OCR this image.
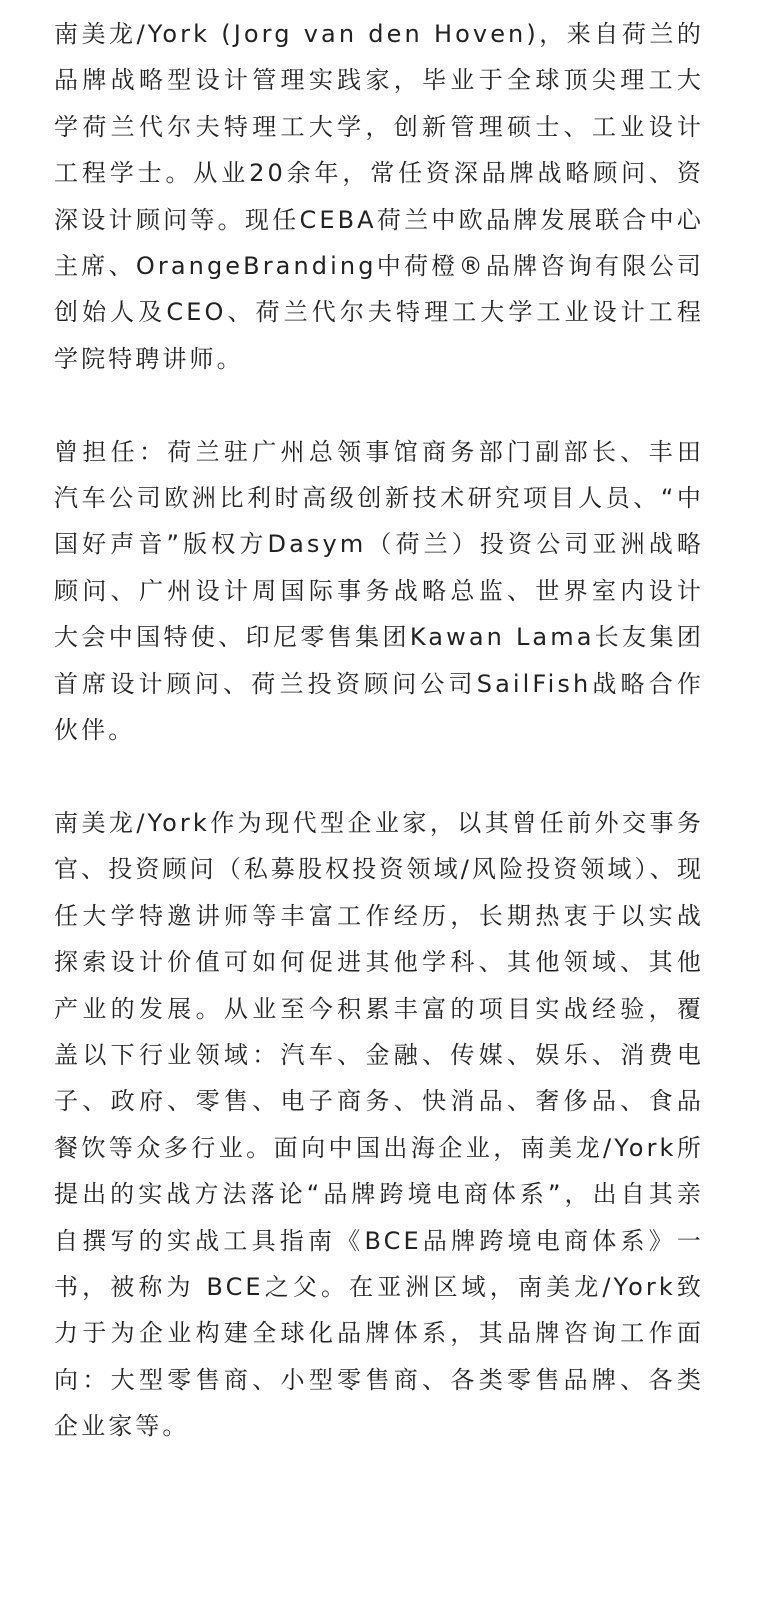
南美龙/York (Jorg van den Hoven)，来自荷兰的品牌战略型设计管理实践家，毕业于全球顶尖理工大学荷兰代尔夫特理工大学，创新管理硕士、工业设计工程学士。从业20余年，常任资深品牌战略顾问、资深设计顾问等。现任CEBA荷兰中欧品牌发展联合中心主席、OrangeBranding中荷橙®品牌咨询有限公司创始人及CEO、荷兰代尔夫特理工大学工业设计工程学院特聘讲师。

曾担任：荷兰驻广州总领事馆商务部门副部长、丰田汽车公司欧洲比利时高级创新技术研究项目人员、“中国好声音”版权方Dasym（荷兰）投资公司亚洲战略顾问、广州设计周国际事务战略总监、世界室内设计大会中国特使、印尼零售集团Kawan Lama长友集团首席设计顾问、荷兰投资顾问公司SailFish战略合作伙伴。

南美龙/York作为现代型企业家，以其曾任前外交事务官、投资顾问（私募股权投资领域/风险投资领域）、现任大学特邀讲师等丰富工作经历，长期热衷于以实战探索设计价值可如何促进其他学科、其他领域、其他产业的发展。从业至今积累丰富的项目实战经验，覆盖以下行业领域：汽车、金融、传媒、娱乐、消费电子、政府、零售、电子商务、快消品、奢侈品、食品餐饮等众多行业。面向中国出海企业，南美龙/York所提出的实战方法落论“品牌跨境电商体系”，出自其亲自撰写的实战工具指南《BCE品牌跨境电商体系》一书，被称为 BCE之父。在亚洲区域，南美龙/York致力于为企业构建全球化品牌体系，其品牌咨询工作面向：大型零售商、小型零售商、各类零售品牌、各类企业家等。
